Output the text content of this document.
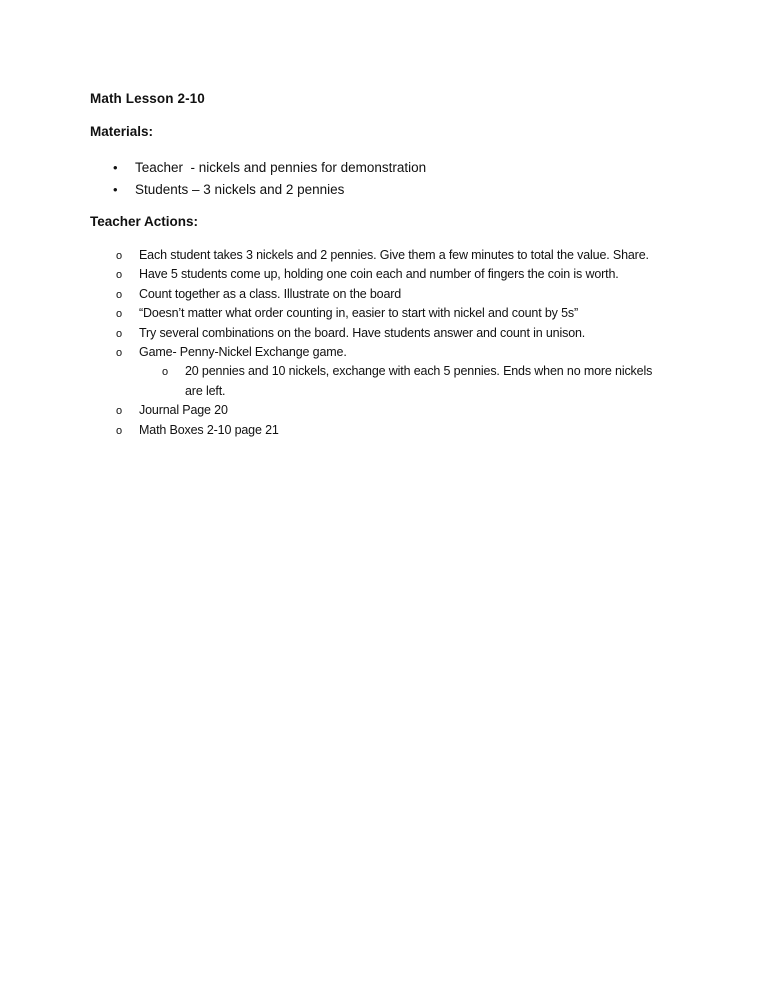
Math Lesson 2-10
Materials:
•	Teacher  - nickels and pennies for demonstration
•	Students – 3 nickels and 2 pennies
Teacher Actions:
o	Each student takes 3 nickels and 2 pennies. Give them a few minutes to total the value. Share.
o	Have 5 students come up, holding one coin each and number of fingers the coin is worth.
o	Count together as a class. Illustrate on the board
o	“Doesn’t matter what order counting in, easier to start with nickel and count by 5s”
o	Try several combinations on the board. Have students answer and count in unison.
o	Game- Penny-Nickel Exchange game.
o	20 pennies and 10 nickels, exchange with each 5 pennies. Ends when no more nickels
are left.
o	Journal Page 20
o	Math Boxes 2-10 page 21
